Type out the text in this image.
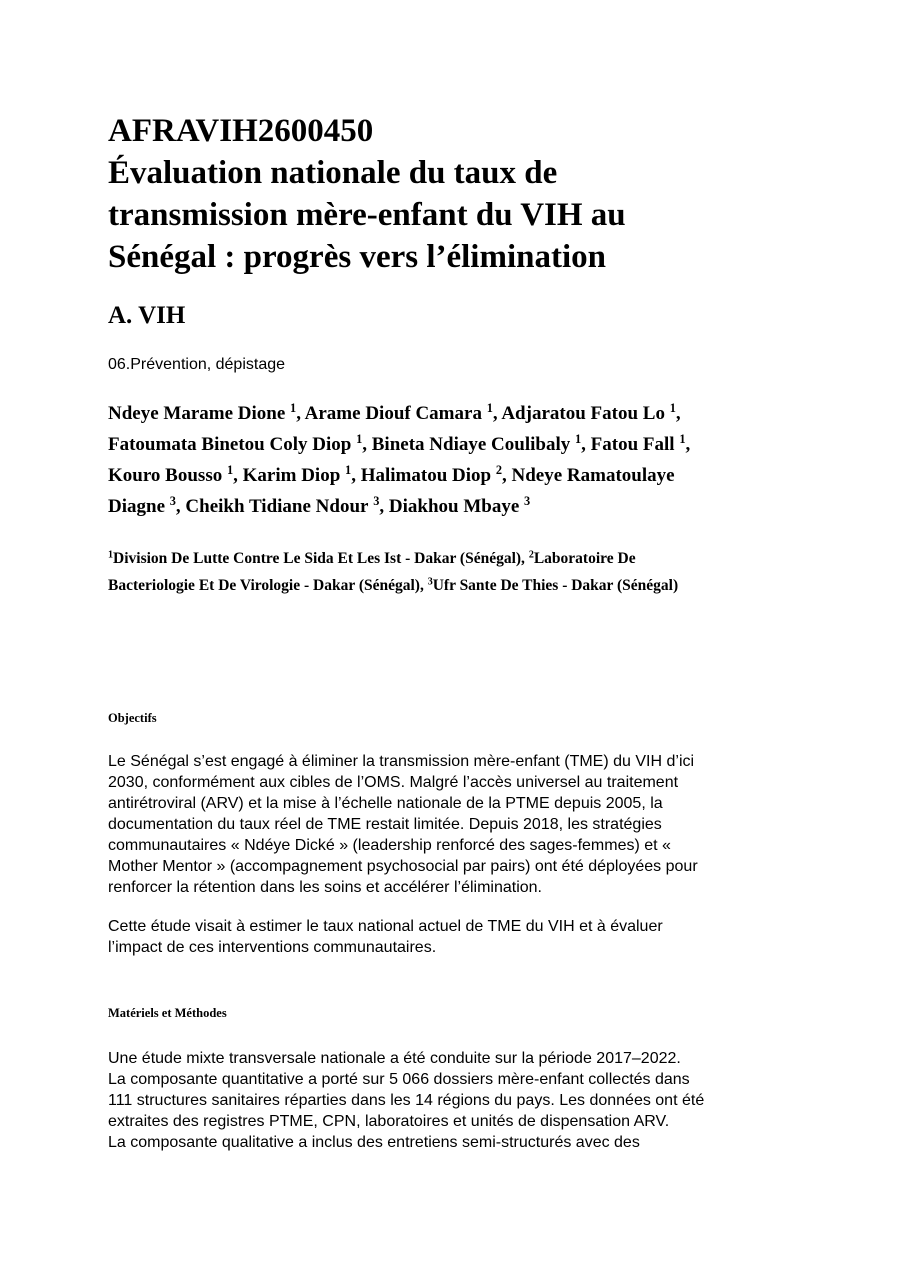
AFRAVIH2600450
Évaluation nationale du taux de
transmission mère-enfant du VIH au
Sénégal : progrès vers l’élimination
A. VIH
06.Prévention, dépistage
Ndeye Marame Dione $^1$, Arame Diouf Camara $^1$, Adjaratou Fatou Lo $^1$,
Fatoumata Binetou Coly Diop $^1$, Bineta Ndiaye Coulibaly $^1$, Fatou Fall $^1$,
Kouro Bousso $^1$, Karim Diop $^1$, Halimatou Diop $^2$, Ndeye Ramatoulaye
Diagne $^3$, Cheikh Tidiane Ndour $^3$, Diakhou Mbaye $^3$
$^1$Division De Lutte Contre Le Sida Et Les Ist - Dakar (Sénégal), $^2$Laboratoire De
Bacteriologie Et De Virologie - Dakar (Sénégal), $^3$Ufr Sante De Thies - Dakar (Sénégal)
Objectifs
Le Sénégal s’est engagé à éliminer la transmission mère-enfant (TME) du VIH d’ici
2030, conformément aux cibles de l’OMS. Malgré l’accès universel au traitement
antirétroviral (ARV) et la mise à l’échelle nationale de la PTME depuis 2005, la
documentation du taux réel de TME restait limitée. Depuis 2018, les stratégies
communautaires « Ndéye Dické » (leadership renforcé des sages-femmes) et «
Mother Mentor » (accompagnement psychosocial par pairs) ont été déployées pour
renforcer la rétention dans les soins et accélérer l’élimination.
Cette étude visait à estimer le taux national actuel de TME du VIH et à évaluer
l’impact de ces interventions communautaires.
Matériels et Méthodes
Une étude mixte transversale nationale a été conduite sur la période 2017–2022.
La composante quantitative a porté sur 5 066 dossiers mère-enfant collectés dans
111 structures sanitaires réparties dans les 14 régions du pays. Les données ont été
extraites des registres PTME, CPN, laboratoires et unités de dispensation ARV.
La composante qualitative a inclus des entretiens semi-structurés avec des
